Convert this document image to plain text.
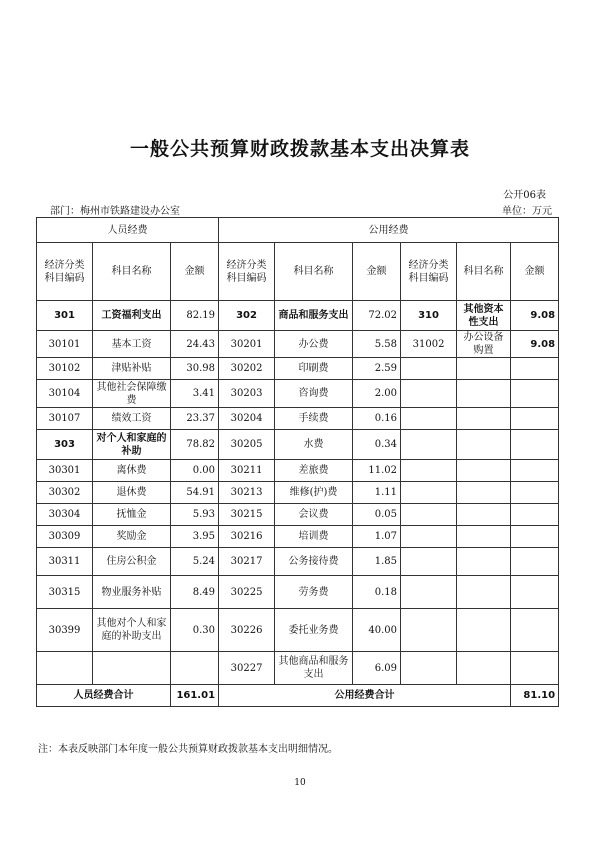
一般公共预算财政拨款基本支出决算表
公开06表
部门：梅州市铁路建设办公室	单位：万元
人员经费			公用经费					
经济分类科目编码	科目名称	金额	经济分类科目编码	科目名称	金额	经济分类科目编码	科目名称	金额
301	工资福利支出	82.19	302	商品和服务支出	72.02	310	其他资本性支出	9.08
30101	基本工资	24.43	30201	办公费	5.58	31002	办公设备购置	9.08
30102	津贴补贴	30.98	30202	印刷费	2.59			
30104	其他社会保障缴费	3.41	30203	咨询费	2.00			
30107	绩效工资	23.37	30204	手续费	0.16			
303	对个人和家庭的补助	78.82	30205	水费	0.34			
30301	离休费	0.00	30211	差旅费	11.02			
30302	退休费	54.91	30213	维修(护)费	1.11			
30304	抚恤金	5.93	30215	会议费	0.05			
30309	奖励金	3.95	30216	培训费	1.07			
30311	住房公积金	5.24	30217	公务接待费	1.85			
30315	物业服务补贴	8.49	30225	劳务费	0.18			
30399	其他对个人和家庭的补助支出	0.30	30226	委托业务费	40.00			
			30227	其他商品和服务支出	6.09			
人员经费合计		161.01	公用经费合计					81.10
注：本表反映部门本年度一般公共预算财政拨款基本支出明细情况。
10
